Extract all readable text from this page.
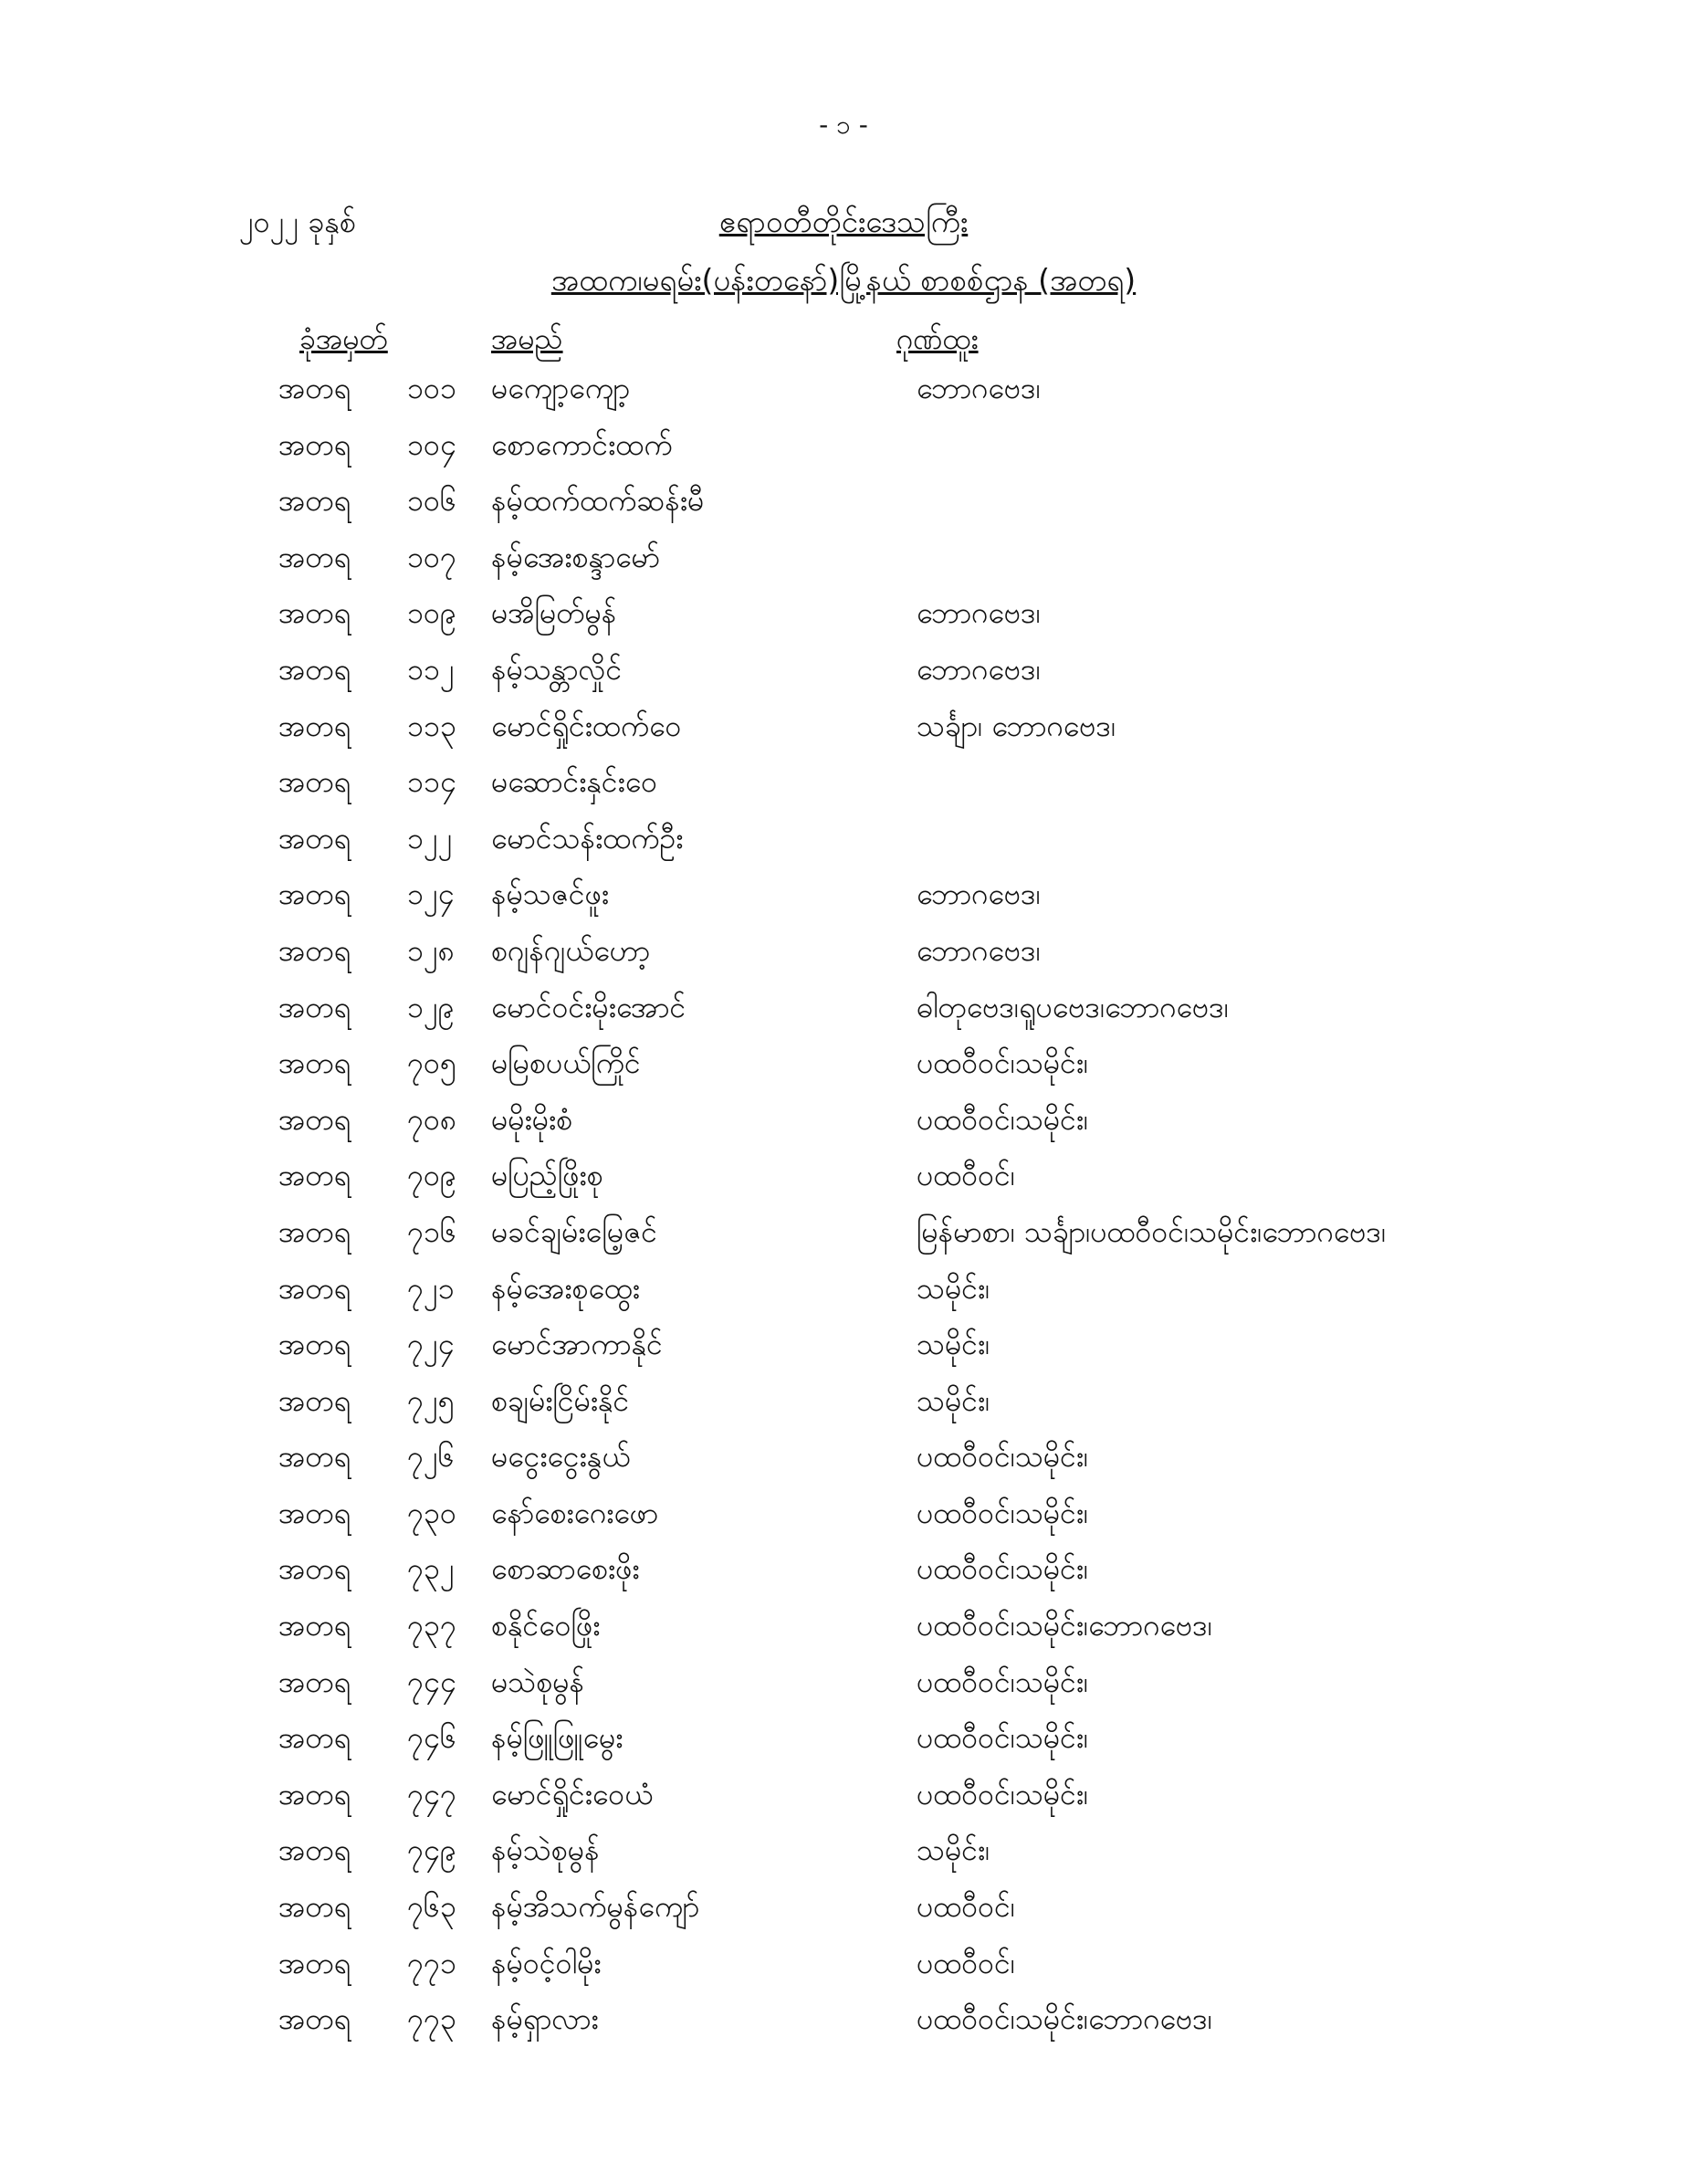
- ၁ -
၂၀၂၂ ခုနှစ်	ဧရာဝတီတိုင်းဒေသကြီး
အထက၊မရမ်း(ပန်းတနော်)မြို့နယ် စာစစ်ဌာန (အတရ)
ခုံအမှတ်	အမည်	ဂုဏ်ထူး
အတရ ၁၀၁ မကျော့ကျော့	ဘောဂဗေဒ၊
အတရ ၁၀၄ စောကောင်းထက်
အတရ ၁၀၆ နမ့်ထက်ထက်ဆန်းမီ
အတရ ၁၀၇ နမ့်အေးစန္ဒာမော်
အတရ ၁၀၉ မအိမြတ်မွန်	ဘောဂဗေဒ၊
အတရ ၁၁၂ နမ့်သန္တာလှိုင်	ဘောဂဗေဒ၊
အတရ ၁၁၃ မောင်ရှိုင်းထက်ဝေ	သင်္ချာ၊ ဘောဂဗေဒ၊
အတရ ၁၁၄ မဆောင်းနှင်းဝေ
အတရ ၁၂၂ မောင်သန်းထက်ဦး
အတရ ၁၂၄ နမ့်သဇင်ဖူး	ဘောဂဗေဒ၊
အတရ ၁၂၈ စဂျန်ဂျယ်ဟော့	ဘောဂဗေဒ၊
အတရ ၁၂၉ မောင်ဝင်းမိုးအောင်	ဓါတုဗေဒ၊ရူပဗေဒ၊ဘောဂဗေဒ၊
အတရ ၇၀၅ မမြစပယ်ကြိုင်	ပထဝီဝင်၊သမိုင်း၊
အတရ ၇၀၈ မမိုးမိုးစံ	ပထဝီဝင်၊သမိုင်း၊
အတရ ၇၀၉ မပြည့်ဖြိုးစု	ပထဝီဝင်၊
အတရ ၇၁၆ မခင်ချမ်းမြေ့ဇင်	မြန်မာစာ၊ သင်္ချာ၊ပထဝီဝင်၊သမိုင်း၊ဘောဂဗေဒ၊
အတရ ၇၂၁ နမ့်အေးစုထွေး	သမိုင်း၊
အတရ ၇၂၄ မောင်အာကာနိုင်	သမိုင်း၊
အတရ ၇၂၅ စချမ်းငြိမ်းနိုင်	သမိုင်း၊
အတရ ၇၂၆ မငွေးငွေးနွယ်	ပထဝီဝင်၊သမိုင်း၊
အတရ ၇၃၀ နော်စေးဂေးဖော	ပထဝီဝင်၊သမိုင်း၊
အတရ ၇၃၂ စောဆာစေးဖိုး	ပထဝီဝင်၊သမိုင်း၊
အတရ ၇၃၇ စနိုင်ဝေဖြိုး	ပထဝီဝင်၊သမိုင်း၊ဘောဂဗေဒ၊
အတရ ၇၄၄ မသဲစုမွန်	ပထဝီဝင်၊သမိုင်း၊
အတရ ၇၄၆ နမ့်ဖြူဖြူမွေး	ပထဝီဝင်၊သမိုင်း၊
အတရ ၇၄၇ မောင်ရှိုင်းဝေယံ	ပထဝီဝင်၊သမိုင်း၊
အတရ ၇၄၉ နမ့်သဲစုမွန်	သမိုင်း၊
အတရ ၇၆၃ နမ့်အိသက်မွန်ကျော်	ပထဝီဝင်၊
အတရ ၇၇၁ နမ့်ဝင့်ဝါမိုး	ပထဝီဝင်၊
အတရ ၇၇၃ နမ့်ရှာလား	ပထဝီဝင်၊သမိုင်း၊ဘောဂဗေဒ၊
